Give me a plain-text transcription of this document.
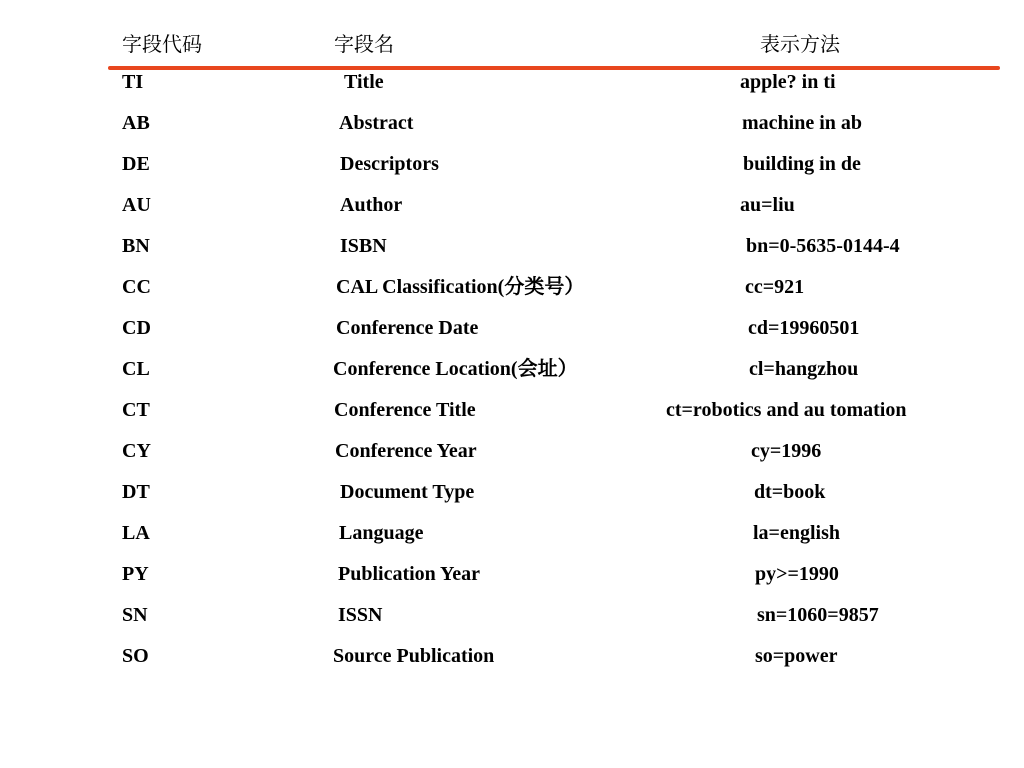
字段代码	字段名	表示方法
TI	Title	apple? in ti
AB	Abstract	machine in ab
DE	Descriptors	building in de
AU	Author	au=liu
BN	ISBN	bn=0-5635-0144-4
CC	CAL Classification(分类号）	cc=921
CD	Conference Date	cd=19960501
CL	Conference Location(会址）	cl=hangzhou
CT	Conference Title	ct=robotics and au tomation
CY	Conference Year	cy=1996
DT	Document Type	dt=book
LA	Language	la=english
PY	Publication Year	py>=1990
SN	ISSN	sn=1060=9857
SO	Source Publication	so=power
